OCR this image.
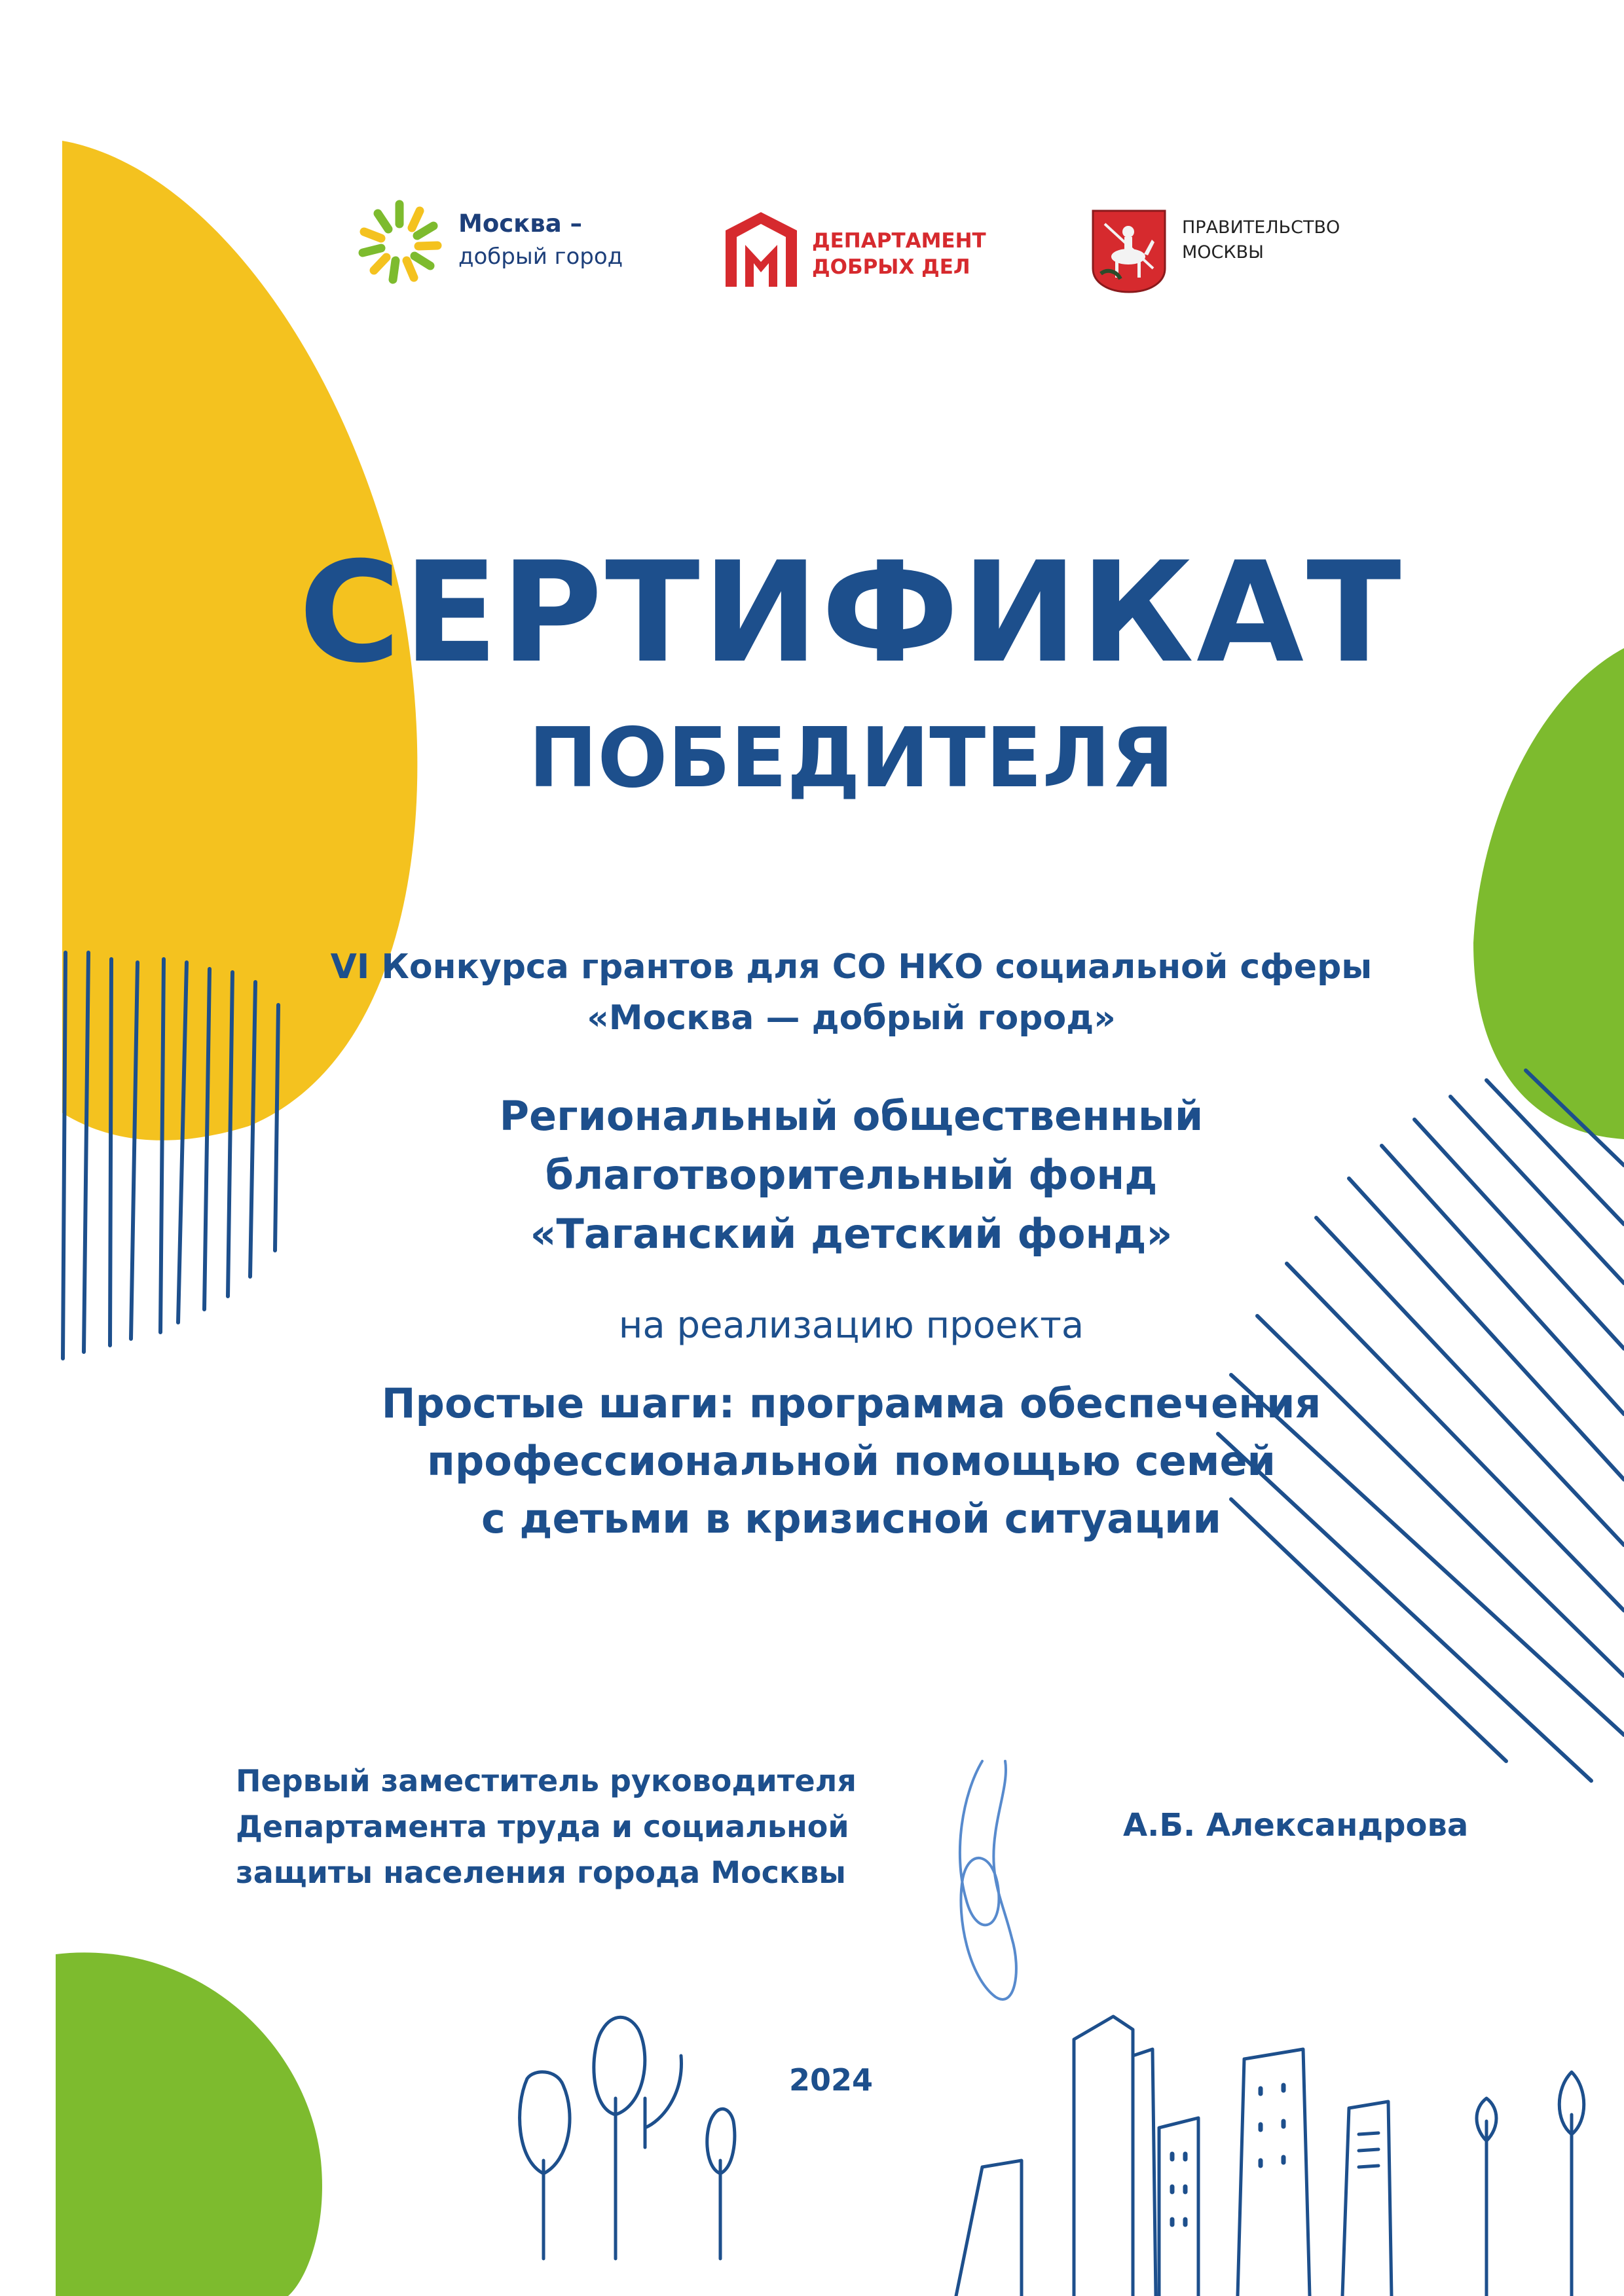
Москва –
добрый город
ДЕПАРТАМЕНТ
ДОБРЫХ ДЕЛ
ПРАВИТЕЛЬСТВО
МОСКВЫ
СЕРТИФИКАТ
ПОБЕДИТЕЛЯ
VI Конкурса грантов для СО НКО социальной сферы
«Москва — добрый город»
Региональный общественный
благотворительный фонд
«Таганский детский фонд»
на реализацию проекта
Простые шаги: программа обеспечения
профессиональной помощью семей
с детьми в кризисной ситуации
Первый заместитель руководителя
Департамента труда и социальной
защиты населения города Москвы
А.Б. Александрова
2024
